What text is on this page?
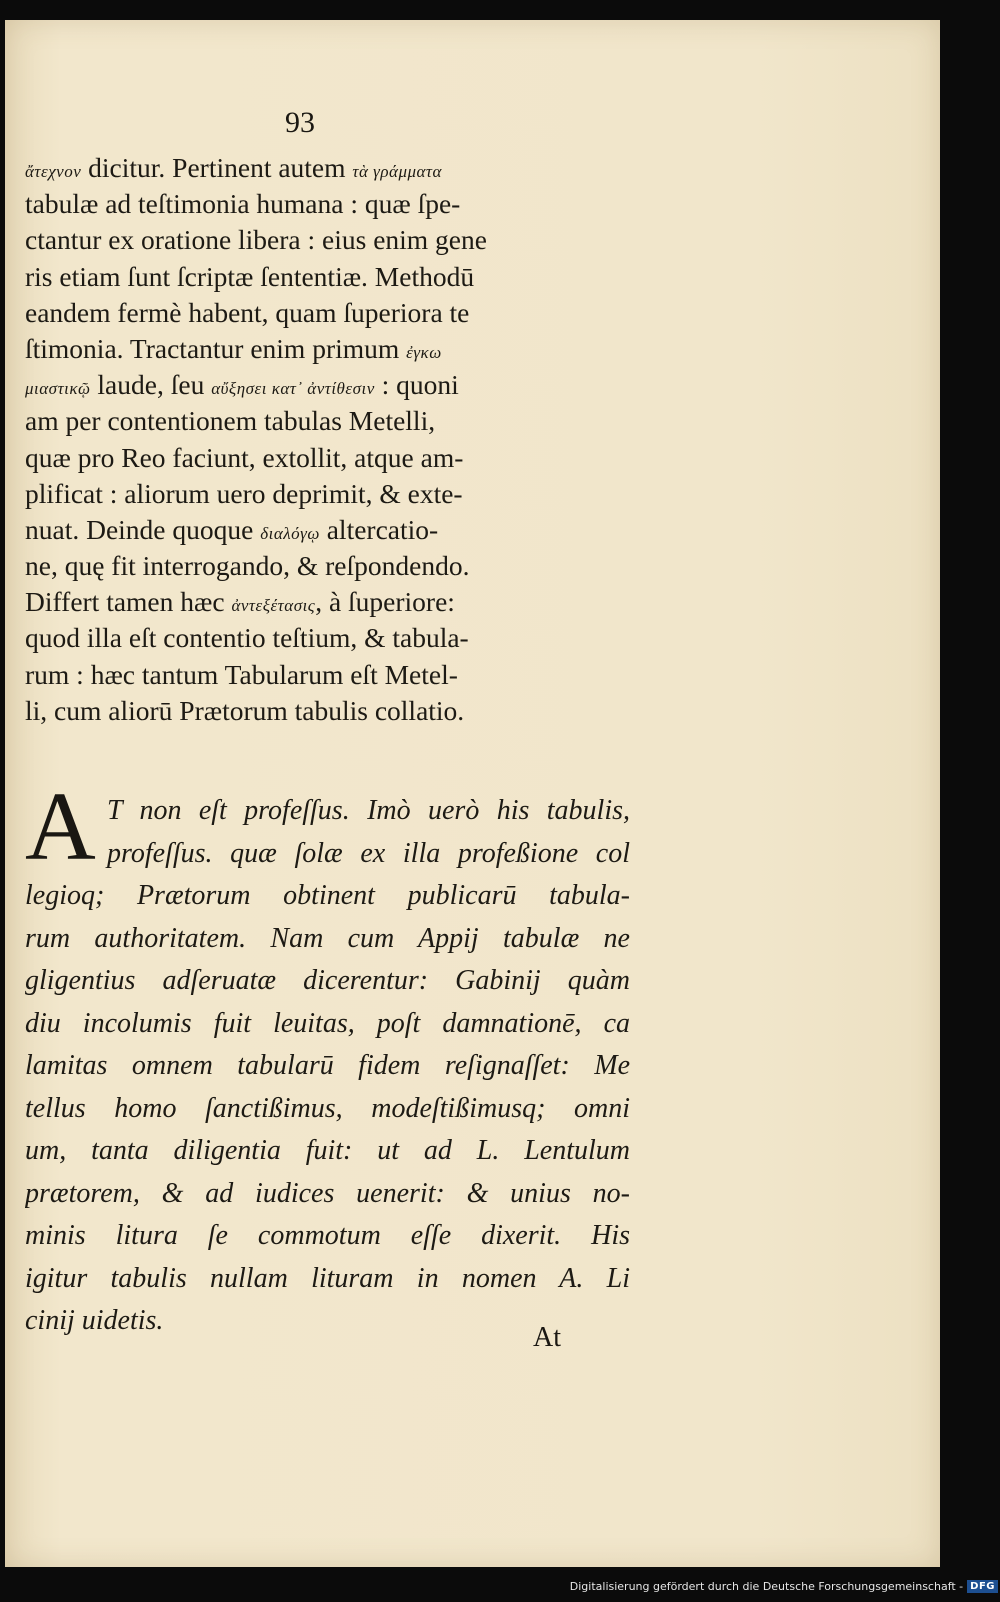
93
ἄτεχνον dicitur. Pertinent autem τὰ γράμματα
tabulæ ad teſtimonia humana : quæ ſpe-
ctantur ex oratione libera : eius enim gene
ris etiam ſunt ſcriptæ ſententiæ. Methodū
eandem fermè habent, quam ſuperiora te
ſtimonia. Tractantur enim primum ἐγκω
μιαστικῷ laude, ſeu αὔξησει κατ᾽ ἀντίθεσιν : quoni
am per contentionem tabulas Metelli,
quæ pro Reo faciunt, extollit, atque am-
plificat : aliorum uero deprimit, & exte-
nuat. Deinde quoque διαλόγῳ altercatio-
ne, quę fit interrogando, & reſpondendo.
Differt tamen hæc ἀντεξέτασις, à ſuperiore:
quod illa eſt contentio teſtium, & tabula-
rum : hæc tantum Tabularum eſt Metel-
li, cum aliorū Prætorum tabulis collatio.
A T non eſt profeſſus. Imò uerò his tabulis,
profeſſus. quæ ſolæ ex illa profeßione col
legioq; Prætorum obtinent publicarū tabula-
rum authoritatem. Nam cum Appij tabulæ ne
gligentius adſeruatæ dicerentur: Gabinij quàm
diu incolumis fuit leuitas, poſt damnationē, ca
lamitas omnem tabularū fidem reſignaſſet: Me
tellus homo ſanctißimus, modeſtißimusq; omni
um, tanta diligentia fuit: ut ad L. Lentulum
prætorem, & ad iudices uenerit: & unius no-
minis litura ſe commotum eſſe dixerit. His
igitur tabulis nullam lituram in nomen A. Li
cinij uidetis.
At
Digitalisierung gefördert durch die Deutsche Forschungsgemeinschaft - DFG
